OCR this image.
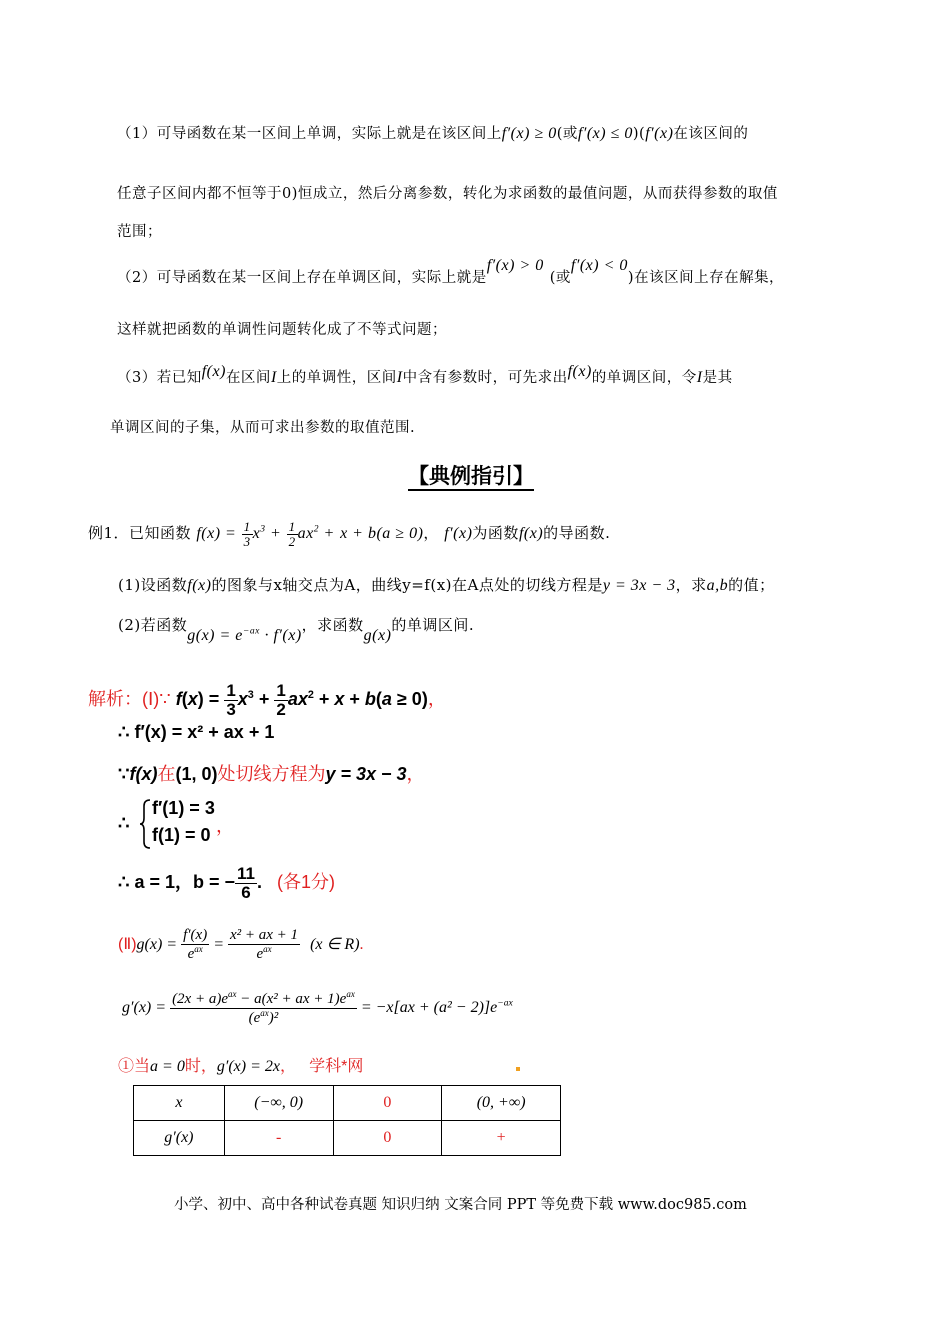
（1）可导函数在某一区间上单调，实际上就是在该区间上f′(x) ≥ 0(或f′(x) ≤ 0)(f′(x)在该区间的
任意子区间内都不恒等于0)恒成立，然后分离参数，转化为求函数的最值问题，从而获得参数的取值
范围；
（2）可导函数在某一区间上存在单调区间，实际上就是f′(x) > 0(或f′(x) < 0)在该区间上存在解集，
这样就把函数的单调性问题转化成了不等式问题；
（3）若已知f(x)在区间I上的单调性，区间I中含有参数时，可先求出f(x)的单调区间，令I是其
单调区间的子集，从而可求出参数的取值范围.
【典例指引】
例1．已知函数 $f(x) = \frac{1}{3} x^3 + \frac{1}{2} ax^2 + x + b(a \ge 0)$， f′(x)为函数f(x)的导函数.
(1)设函数f(x)的图象与x轴交点为A，曲线y=f(x)在A点处的切线方程是y = 3x − 3，求a,b的值；
(2)若函数$g(x) = e^{-ax} \cdot f'(x)$，求函数g(x)的单调区间.
解析：(Ⅰ)∵ $f(x) = \frac{1}{3} x^3 + \frac{1}{2} ax^2 + x + b(a \ge 0)$，
∴ f′(x) = x² + ax + 1
∵f(x)在(1, 0)处切线方程为y = 3x − 3，
∴
f′(1) = 3
f(1) = 0 ，
∴ a = 1，b = − $\frac{11}{6}$ . (各1分)
(Ⅱ)g(x) = $\frac{f'(x)}{e^{ax}} = \frac{\text{x² + ax + 1}}{e^{ax}} (x$ ∈ R).
$g'(x) = \frac{(2x + a)e^{ax} - a(x^2 + ax + 1)e^{ax}}{(e^{ax})^2} = -x[ax + (a^2 - 2)]e^{-ax}$
①当a = 0时，g′(x) = 2x， 学科*网
x	(−∞, 0)	0	(0, +∞)
g′(x)	-	0	+
小学、初中、高中各种试卷真题 知识归纳 文案合同 PPT 等免费下载 www.doc985.com
